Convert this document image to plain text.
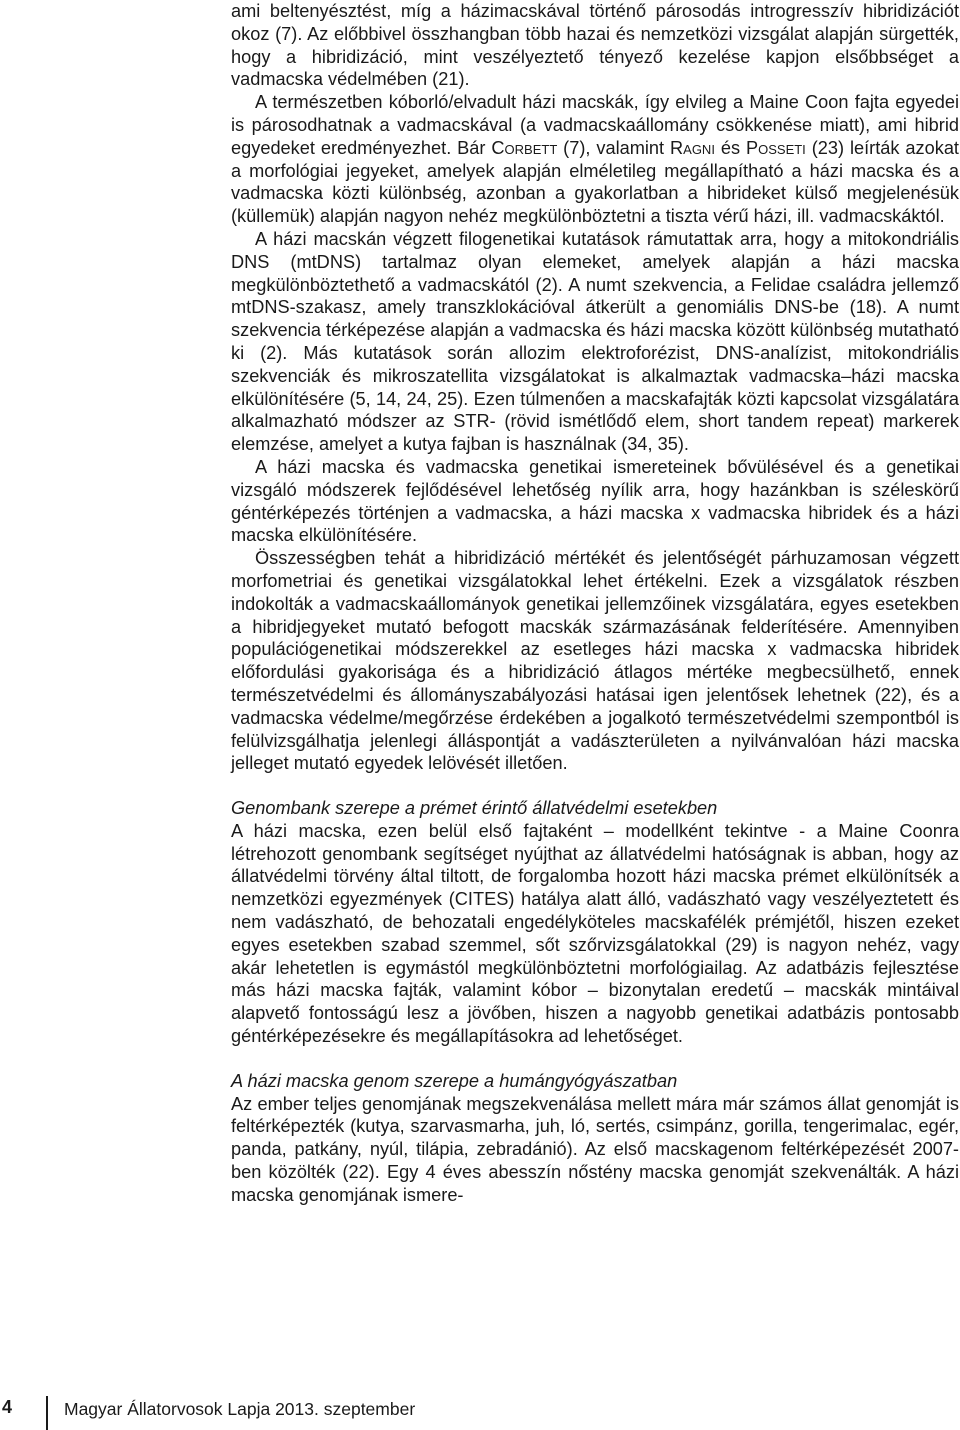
ami beltenyésztést, míg a házimacskával történő párosodás introgresszív hibridizációt okoz (7). Az előbbivel összhangban több hazai és nemzetközi vizsgálat alapján sürgették, hogy a hibridizáció, mint veszélyeztető tényező kezelése kapjon elsőbbséget a vadmacska védelmében (21).

A természetben kóborló/elvadult házi macskák, így elvileg a Maine Coon fajta egyedei is párosodhatnak a vadmacskával (a vadmacskaállomány csökkenése miatt), ami hibrid egyedeket eredményezhet. Bár Corbett (7), valamint Ragni és Posseti (23) leírták azokat a morfológiai jegyeket, amelyek alapján elméletileg megállapítható a házi macska és a vadmacska közti különbség, azonban a gyakorlatban a hibrideket külső megjelenésük (küllemük) alapján nagyon nehéz megkülönböztetni a tiszta vérű házi, ill. vadmacskáktól.

A házi macskán végzett filogenetikai kutatások rámutattak arra, hogy a mitokondriális DNS (mtDNS) tartalmaz olyan elemeket, amelyek alapján a házi macska megkülönböztethető a vadmacskától (2). A numt szekvencia, a Felidae családra jellemző mtDNS-szakasz, amely transzklokációval átkerült a genomiális DNS-be (18). A numt szekvencia térképezése alapján a vadmacska és házi macska között különbség mutatható ki (2). Más kutatások során allozim elektroforézist, DNS-analízist, mitokondriális szekvenciák és mikroszatellita vizsgálatokat is alkalmaztak vadmacska–házi macska elkülönítésére (5, 14, 24, 25). Ezen túlmenően a macskafajták közti kapcsolat vizsgálatára alkalmazható módszer az STR- (rövid ismétlődő elem, short tandem repeat) markerek elemzése, amelyet a kutya fajban is használnak (34, 35).

A házi macska és vadmacska genetikai ismereteinek bővülésével és a genetikai vizsgáló módszerek fejlődésével lehetőség nyílik arra, hogy hazánkban is széleskörű géntérképezés történjen a vadmacska, a házi macska x vadmacska hibridek és a házi macska elkülönítésére.

Összességben tehát a hibridizáció mértékét és jelentőségét párhuzamosan végzett morfometriai és genetikai vizsgálatokkal lehet értékelni. Ezek a vizsgálatok részben indokolták a vadmacskaállományok genetikai jellemzőinek vizsgálatára, egyes esetekben a hibridjegyeket mutató befogott macskák származásának felderítésére. Amennyiben populációgenetikai módszerekkel az esetleges házi macska x vadmacska hibridek előfordulási gyakorisága és a hibridizáció átlagos mértéke megbecsülhető, ennek természetvédelmi és állományszabályozási hatásai igen jelentősek lehetnek (22), és a vadmacska védelme/megőrzése érdekében a jogalkotó természetvédelmi szempontból is felülvizsgálhatja jelenlegi álláspontját a vadászterületen a nyilvánvalóan házi macska jelleget mutató egyedek lelövését illetően.

Genombank szerepe a prémet érintő állatvédelmi esetekben

A házi macska, ezen belül első fajtaként – modellként tekintve - a Maine Coonra létrehozott genombank segítséget nyújthat az állatvédelmi hatóságnak is abban, hogy az állatvédelmi törvény által tiltott, de forgalomba hozott házi macska prémet elkülönítsék a nemzetközi egyezmények (CITES) hatálya alatt álló, vadászható vagy veszélyeztetett és nem vadászható, de behozatali engedélyköteles macskafélék prémjétől, hiszen ezeket egyes esetekben szabad szemmel, sőt szőrvizsgálatokkal (29) is nagyon nehéz, vagy akár lehetetlen is egymástól megkülönböztetni morfológiailag. Az adatbázis fejlesztése más házi macska fajták, valamint kóbor – bizonytalan eredetű – macskák mintáival alapvető fontosságú lesz a jövőben, hiszen a nagyobb genetikai adatbázis pontosabb géntérképezésekre és megállapításokra ad lehetőséget.

A házi macska genom szerepe a humángyógyászatban

Az ember teljes genomjának megszekvenálása mellett mára már számos állat genomját is feltérképezték (kutya, szarvasmarha, juh, ló, sertés, csimpánz, gorilla, tengerimalac, egér, panda, patkány, nyúl, tilápia, zebradánió). Az első macskagenom feltérképezését 2007-ben közölték (22). Egy 4 éves abesszín nőstény macska genomját szekvenálták. A házi macska genomjának ismere-

4	Magyar Állatorvosok Lapja 2013. szeptember
